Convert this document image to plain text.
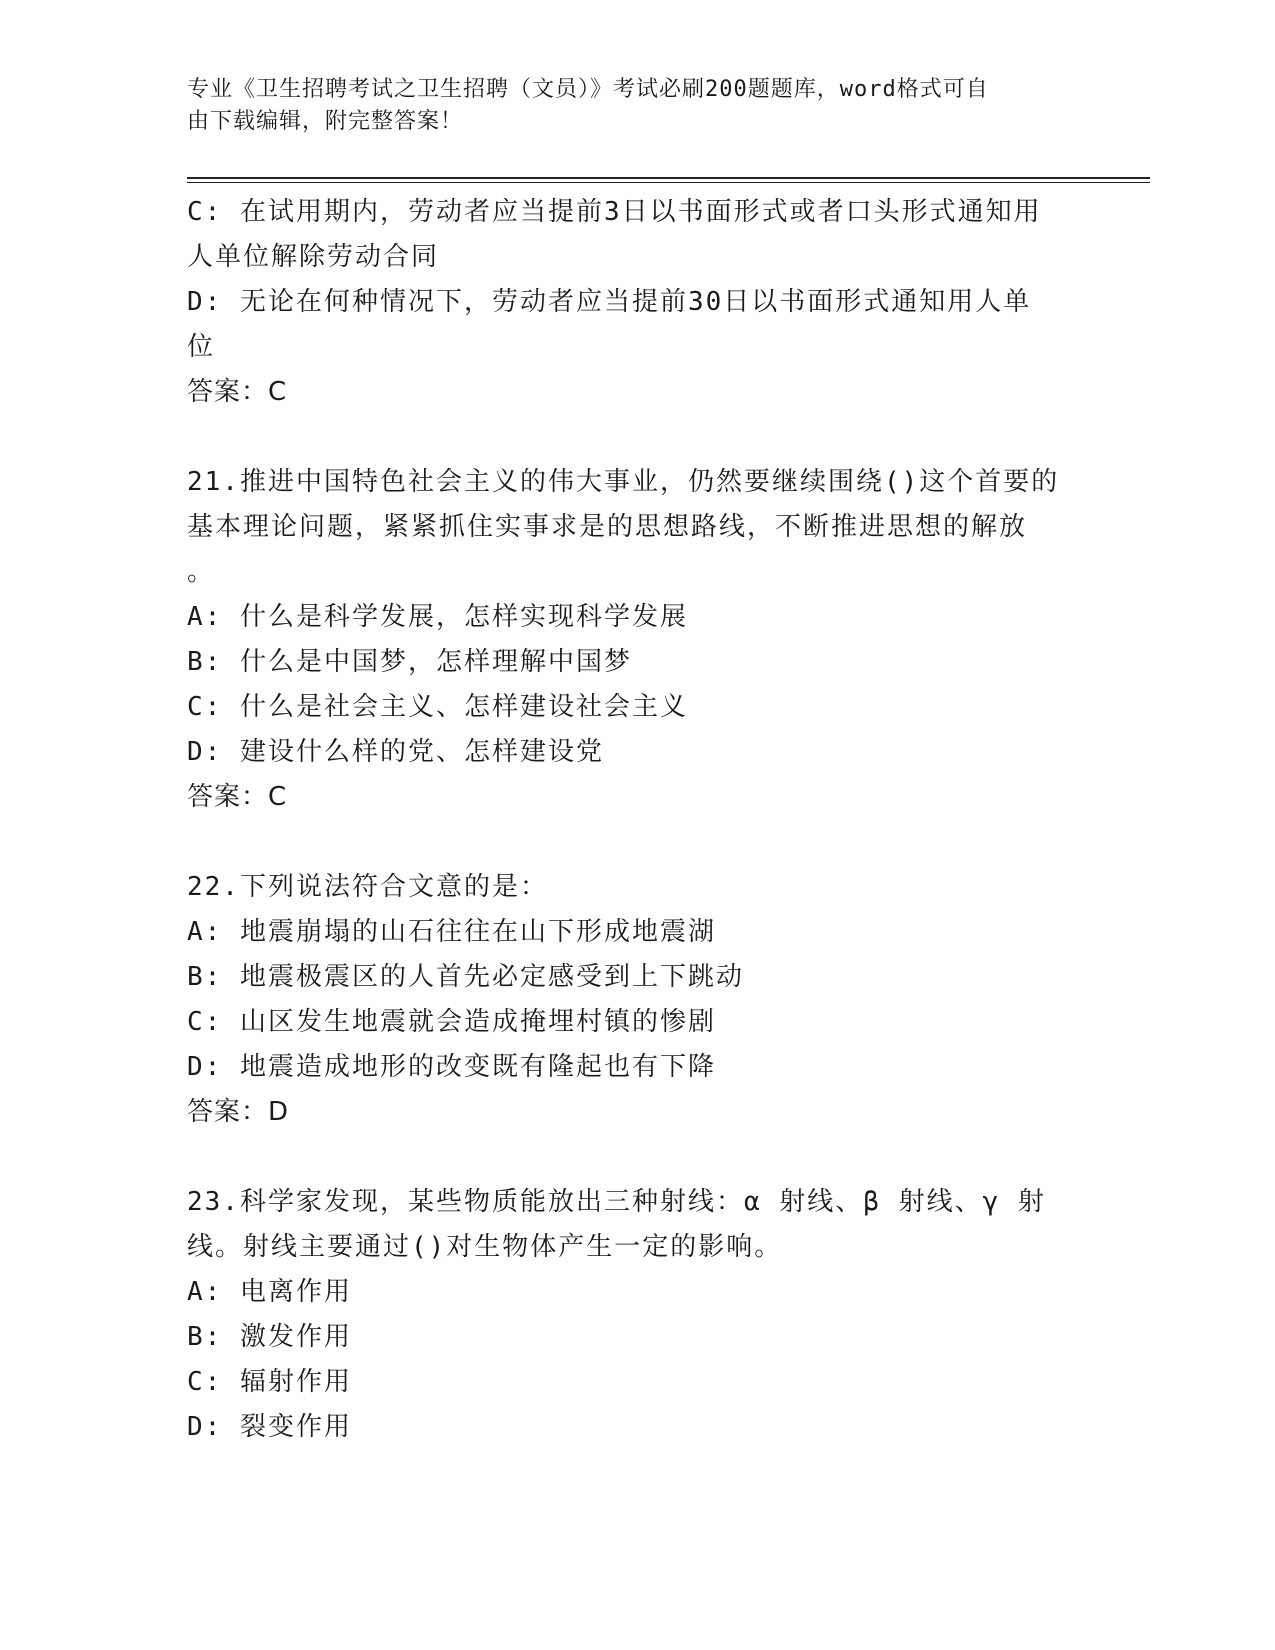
专业《卫生招聘考试之卫生招聘（文员）》考试必刷200题题库，word格式可自
由下载编辑，附完整答案！
C: 在试用期内，劳动者应当提前3日以书面形式或者口头形式通知用
人单位解除劳动合同
D: 无论在何种情况下，劳动者应当提前30日以书面形式通知用人单
位
答案：C
21.推进中国特色社会主义的伟大事业，仍然要继续围绕()这个首要的
基本理论问题，紧紧抓住实事求是的思想路线，不断推进思想的解放
。
A: 什么是科学发展，怎样实现科学发展
B: 什么是中国梦，怎样理解中国梦
C: 什么是社会主义、怎样建设社会主义
D: 建设什么样的党、怎样建设党
答案：C
22.下列说法符合文意的是：
A: 地震崩塌的山石往往在山下形成地震湖
B: 地震极震区的人首先必定感受到上下跳动
C: 山区发生地震就会造成掩埋村镇的惨剧
D: 地震造成地形的改变既有隆起也有下降
答案：D
23.科学家发现，某些物质能放出三种射线：α 射线、β 射线、γ 射
线。射线主要通过()对生物体产生一定的影响。
A: 电离作用
B: 激发作用
C: 辐射作用
D: 裂变作用
